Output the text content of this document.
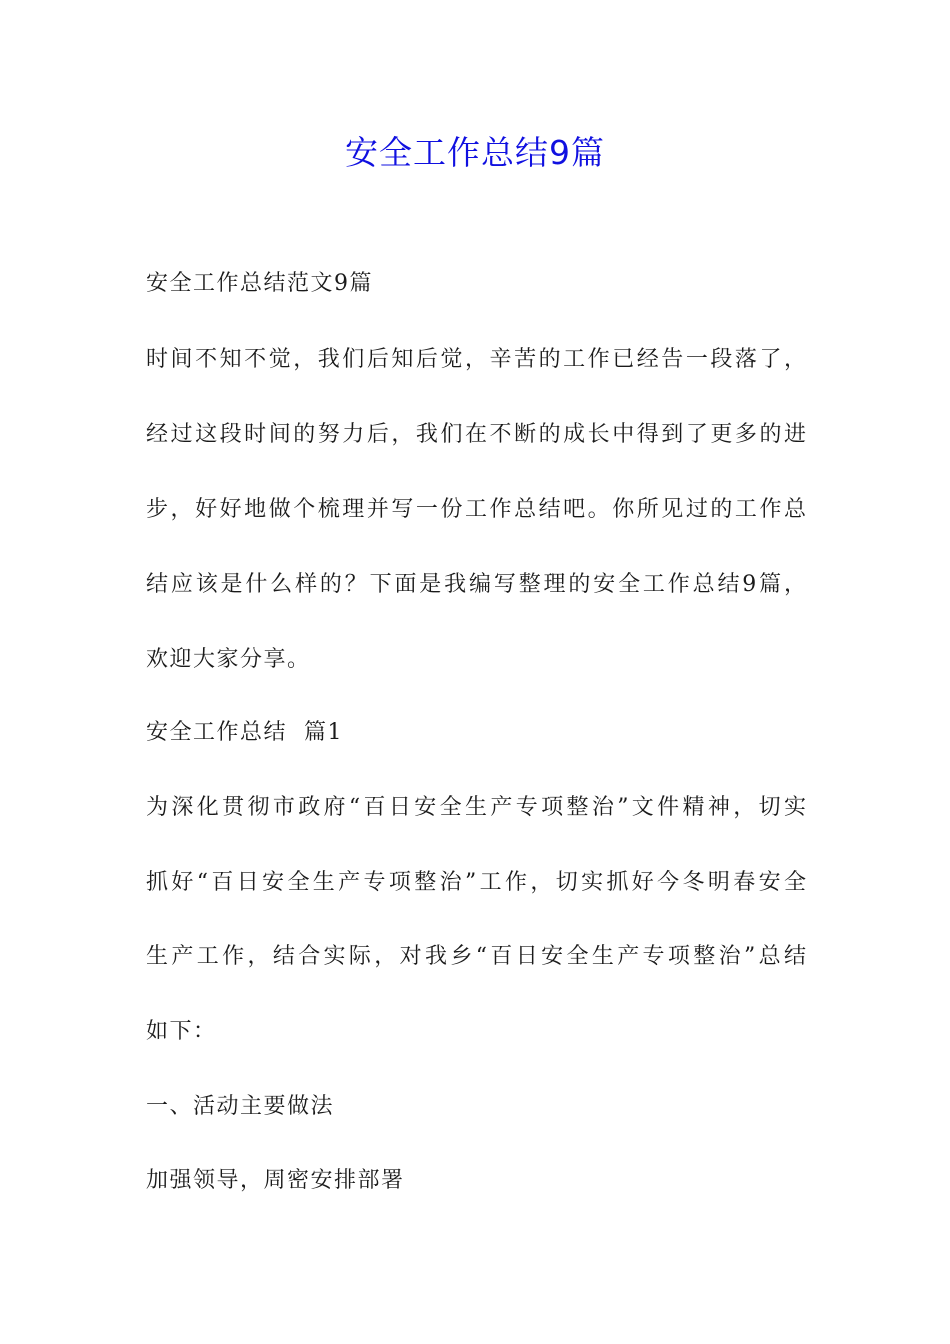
安全工作总结9篇
安全工作总结范文9篇
时间不知不觉，我们后知后觉，辛苦的工作已经告一段落了，
经过这段时间的努力后，我们在不断的成长中得到了更多的进
步，好好地做个梳理并写一份工作总结吧。你所见过的工作总
结应该是什么样的？下面是我编写整理的安全工作总结9篇，
欢迎大家分享。
安全工作总结  篇1
为深化贯彻市政府“百日安全生产专项整治”文件精神，切实
抓好“百日安全生产专项整治”工作，切实抓好今冬明春安全
生产工作，结合实际，对我乡“百日安全生产专项整治”总结
如下：
一、活动主要做法
加强领导，周密安排部署
